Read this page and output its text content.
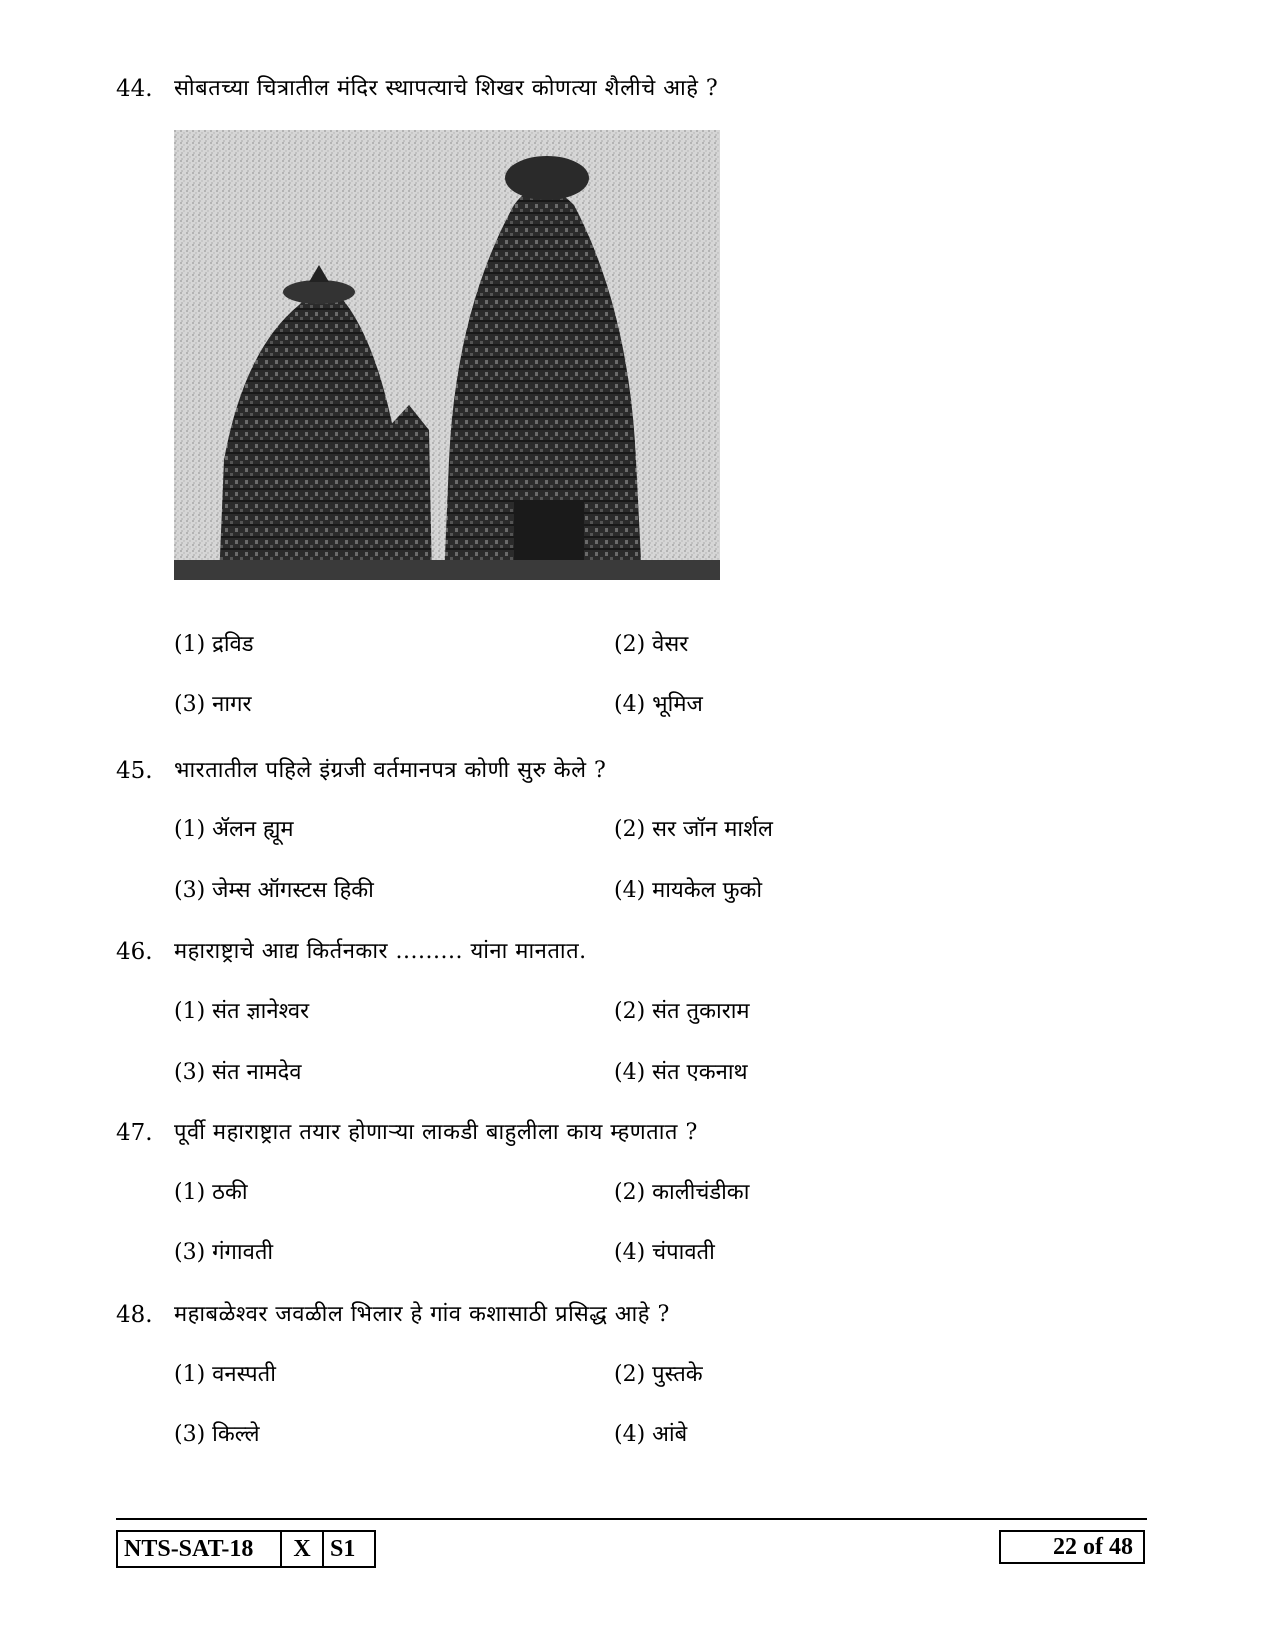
44. सोबतच्या चित्रातील मंदिर स्थापत्याचे शिखर कोणत्या शैलीचे आहे ?
(1) द्रविड	(2) वेसर
(3) नागर	(4) भूमिज
45. भारतातील पहिले इंग्रजी वर्तमानपत्र कोणी सुरु केले ?
(1) ॲलन ह्यूम	(2) सर जॉन मार्शल
(3) जेम्स ऑगस्टस हिकी	(4) मायकेल फुको
46. महाराष्ट्राचे आद्य किर्तनकार ......... यांना मानतात.
(1) संत ज्ञानेश्वर	(2) संत तुकाराम
(3) संत नामदेव	(4) संत एकनाथ
47. पूर्वी महाराष्ट्रात तयार होणाऱ्या लाकडी बाहुलीला काय म्हणतात ?
(1) ठकी	(2) कालीचंडीका
(3) गंगावती	(4) चंपावती
48. महाबळेश्वर जवळील भिलार हे गांव कशासाठी प्रसिद्ध आहे ?
(1) वनस्पती	(2) पुस्तके
(3) किल्ले	(4) आंबे
NTS-SAT-18	X S1	22 of 48
